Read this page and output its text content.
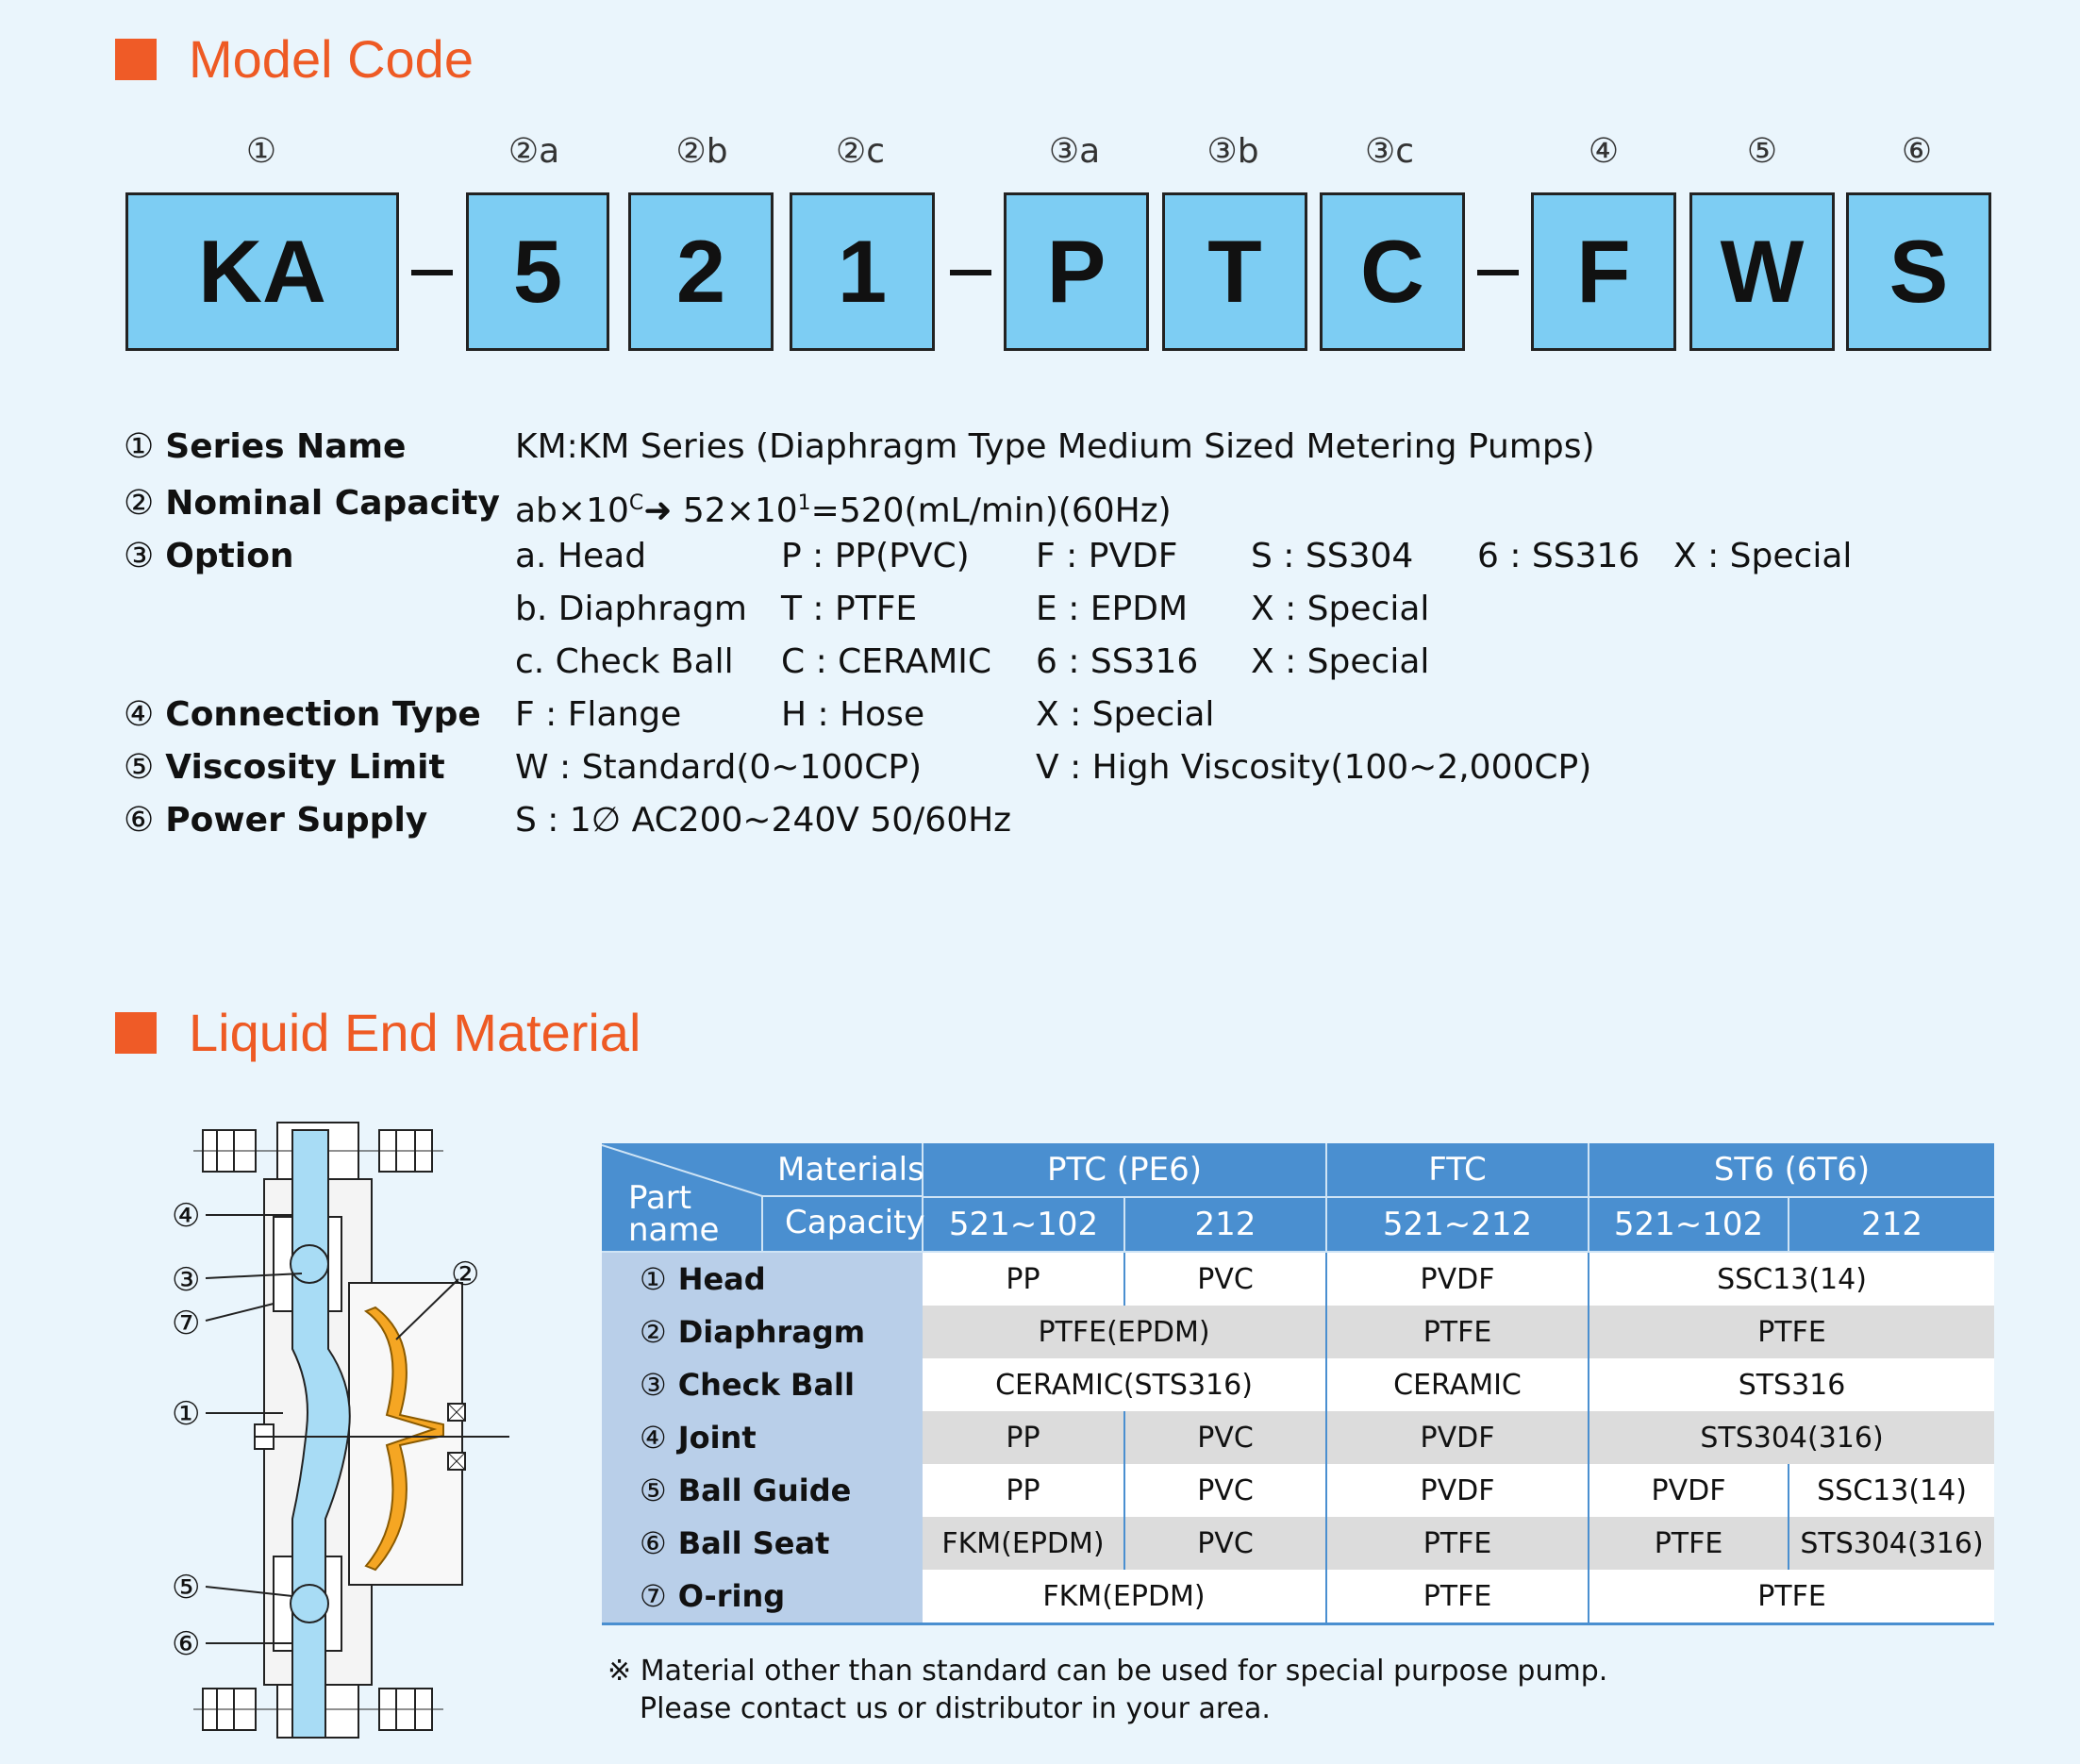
Model Code
①	②a	②b	②c	③a	③b	③c	④	⑤	⑥
KA	5	2	1	P	T	C	F	W S
① Series Name	KM:KM Series (Diaphragm Type Medium Sized Metering Pumps)
② Nominal Capacity $ab\times 10^C➜$ $52\times 10^1=520(mL/\min)(60Hz)$
③ Option	a. Head	P : PP(PVC) F : PVDF S : SS304 6 : SS316 X : Special
b. Diaphragm T : PTFE	E : EPDM X : Special
c. Check Ball C : CERAMIC 6 : SS316 X : Special
④ Connection Type F : Flange	H : Hose	X : Special
⑤ Viscosity Limit W : Standard(0~100CP)	V : High Viscosity(100~2,000CP)
⑥ Power Supply	S : 1∅ AC200~240V 50/60Hz
Liquid End Material
④
③
⑦
①
⑤
⑥
②
Materials
Capacity
Part
name	PTC (PE6)		FTC	ST6 (6T6)	
	521~102	212	521~212	521~102	212
① Head	PP	PVC	PVDF	SSC13(14)	
② Diaphragm	PTFE(EPDM)		PTFE	PTFE	
③ Check Ball	CERAMIC(STS316)		CERAMIC	STS316	
④ Joint	PP	PVC	PVDF	STS304(316)	
⑤ Ball Guide	PP	PVC	PVDF	PVDF	SSC13(14)
⑥ Ball Seat	FKM(EPDM)	PVC	PTFE	PTFE	STS304(316)
⑦ O-ring	FKM(EPDM)		PTFE	PTFE	
※ Material other than standard can be used for special purpose pump.
Please contact us or distributor in your area.
